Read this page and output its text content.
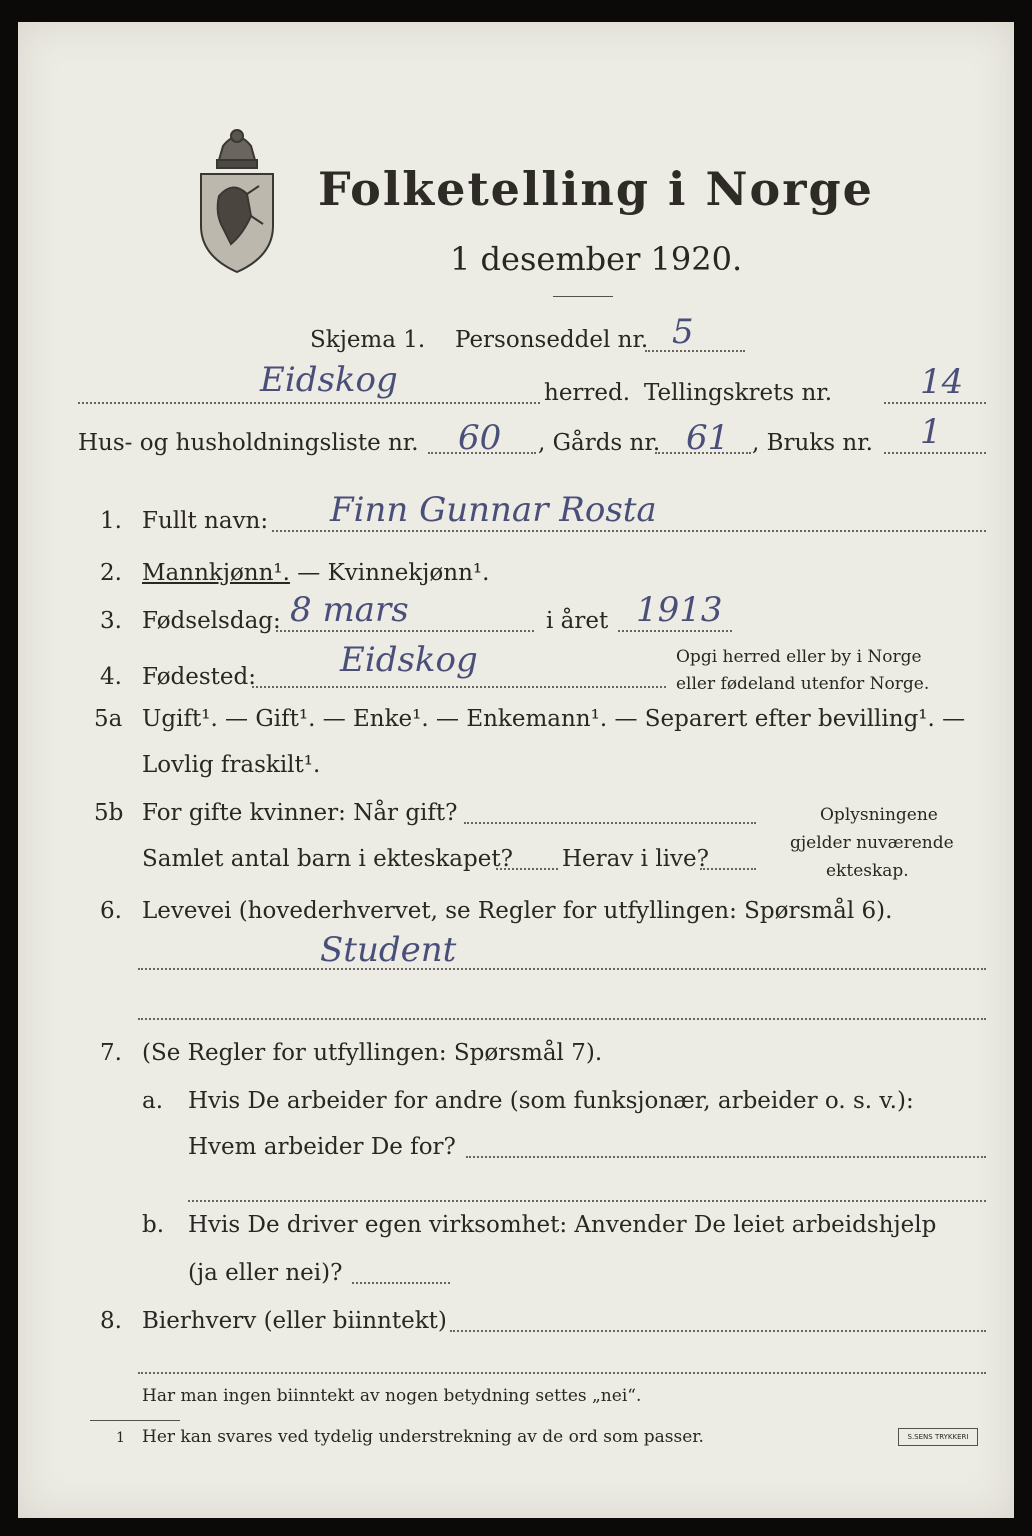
Folketelling i Norge
1 desember 1920.
Skjema 1. Personseddel nr. 5
Eidskog	herred. Tellingskrets nr.	14
Hus- og husholdningsliste nr. 60 , Gårds nr. 61 , Bruks nr. 1
1. Fullt navn: Finn Gunnar Rosta
2. Mannkjønn¹. — Kvinnekjønn¹.
3. Fødselsdag: 8 mars	i året 1913
4. Fødested: Eidskog	Opgi herred eller by i Norge
eller fødeland utenfor Norge.
5a Ugift¹. — Gift¹. — Enke¹. — Enkemann¹. — Separert efter bevilling¹. —
Lovlig fraskilt¹.
5b For gifte kvinner: Når gift?
Samlet antal barn i ekteskapet? Herav i live?
Oplysningene
gjelder nuværende
ekteskap.
6. Levevei (hovederhvervet, se Regler for utfyllingen: Spørsmål 6).
Student
7. (Se Regler for utfyllingen: Spørsmål 7).
a. Hvis De arbeider for andre (som funksjonær, arbeider o. s. v.):
Hvem arbeider De for?
b. Hvis De driver egen virksomhet: Anvender De leiet arbeidshjelp
(ja eller nei)?
8. Bierhverv (eller biinntekt)
Har man ingen biinntekt av nogen betydning settes „nei“.
1 Her kan svares ved tydelig understrekning av de ord som passer.	S.SENS TRYKKERI
